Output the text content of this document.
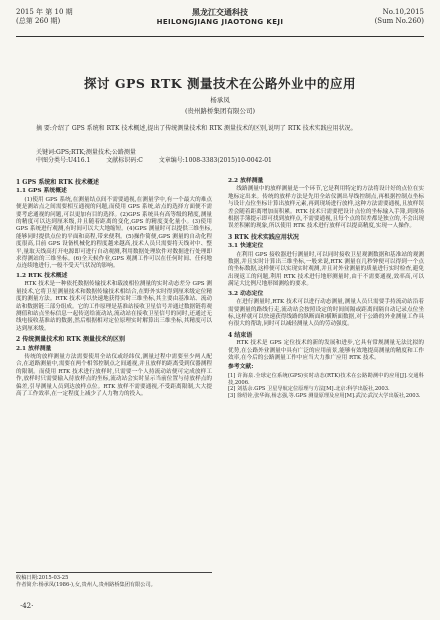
2015 年 第 10 期
(总第 260 期)
黑龙江交通科技
HEILONGJIANG JIAOTONG KEJI
No.10,2015
(Sum No.260)
探讨 GPS RTK 测量技术在公路外业中的应用
杨承凤
(贵州路桥集团有限公司)
摘 要:介绍了 GPS 系统和 RTK 技术概述,提出了传统测量技术和 RTK 测量技术的区别,说明了 RTK 技术实践应用状况。
关键词:GPS;RTK;测量技术;公路测量
中图分类号:U416.1	文献标识码:C	文章编号:1008-3383(2015)10-0042-01
1 GPS 系统和 RTK 技术概述
1.1 GPS 系统概述

(1)使用 GPS 系统,在测量结点间不需要通视,在测量学中,有一个最大的难点便是测站点之间需要相互通视的问题,而使用 GPS 系统,站点的选择方面便不需要考虑通视的问题,可以更加有目的选择。(2)GPS 系统具有高等级的精度,测量的精度可以达到厘米级,并且随着距离的变化,GPS 的精度变化量小。(3)使用 GPS 系统进行观测,有时间可以大大地缩短。(4)GPS 测量时可以提供三维坐标,能够同时提供点位的平面和高程,带来便利。(5)操作简便,GPS 测量的自动化程度很高,目前 GPS 设备机械化的程度越来越高,技术人员只需要将天线对中、整平,量取天线高打开电源即可进行自动观测,利用数据处理软件对数据进行处理即求得测站的三维坐标。(6)全天候作业,GPS 观测工作可以在任何时间、任何地点连续地进行,一般不受天气状况的影响。

1.2 RTK 技术概述

RTK 技术是一种依托数据传输技术和载波相位测量的实时动态差分 GPS 测量技术,它将卫星测量技术和数据传输技术相结合,在野外实时得到厘米级定位精度的测量方法。RTK 技术可以快速地获得实时三维坐标,其主要由基准站、流动站和数据链三部分组成。它的工作原理是基准站接收卫星信号并通过数据链将观测值和站点坐标信息一起传送给流动站,流动站在接收卫星信号的同时,还通过无线电接收基准站的数据,然后根据相对定位原理实时解算出三维坐标,其精度可以达到厘米级。

2 传统测量技术和 RTK 测量技术的区别
2.1 放样测量

传统的放样测量方法需要使用全站仪或经纬仪,测量过程中需要至少两人配合,在道路测量中,需要在两个相邻控制点之间通视,并且放样的距离受到仪器测程的限制。而使用 RTK 技术进行放样时,只需要一个人持流动站便可完成放样工作,放样时只需要输入待放样点的坐标,流动站会实时显示当前位置与待放样点的偏差,引导测量人员到达放样点位。RTK 放样不需要通视,不受距离限制,大大提高了工作效率,在一定程度上减少了人力物力的投入。

2.2 放样测量

线路测量中的放样测量是一个环节,它是利用特定的方法将设计好的点位在实地标定出来。传统的放样方法是先用全站仪测出导线控制点,再根据控制点坐标与设计点位坐标计算出放样元素,再到现场进行放样,这种方法需要通视,且放样误差会随着距离增加而积累。RTK 技术只需要把设计点位的坐标输入手簿,到现场根据手簿提示即可找到放样点,不需要通视,且每个点的误差都是独立的,不会出现误差积累的现象,所以使用 RTK 技术进行放样可以提高精度,实现一人操作。

3 RTK 技术实践应用状况
3.1 快速定位

在利用 GPS 接收器进行测量时,可以同时接收卫星观测数据和基准站的观测数据,并且实时计算出三维坐标,一般来说,RTK 测量在几秒钟便可以得到一个点的坐标数据,这样便可以实现实时观测,并且对外业测量的质量进行实时检查,避免出现返工的问题,利用 RTK 技术进行地形测量时,由于不需要通视,效率高,可以满足大比例尺地形图测绘的要求。

3.2 动态定位

在进行测量时,RTK 技术可以进行动态测量,测量人员只需要手持流动站沿着需要测量的路线行走,流动站会按照设定的时间间隔或距离间隔自动记录点位坐标,这样就可以快速获得线路的纵断面和横断面数据,对于公路的外业测量工作具有很大的帮助,同时可以减轻测量人员的劳动强度。

4 结束语

RTK 技术是 GPS 定位技术的新的发展和进步,它具有常规测量无法比拟的优势,在公路外业测量中具有广泛的应用前景,能够有效地提高测量的精度和工作效率,在今后的公路测量工作中应当大力推广应用 RTK 技术。

参考文献:

[1] 许海泉.全球定位系统(GPS)实时动态(RTK)技术在公路勘测中的应用[J].交通科技,2006.

[2] 刘基余.GPS 卫星导航定位原理与方法[M].北京:科学出版社,2003.

[3] 徐绍铨,张华海,杨志强,等.GPS 测量原理及应用[M].武汉:武汉大学出版社,2003.

收稿日期:2015-03-25
作者简介:杨承凤(1986-),女,贵州人,贵州路桥集团有限公司。
·42·
